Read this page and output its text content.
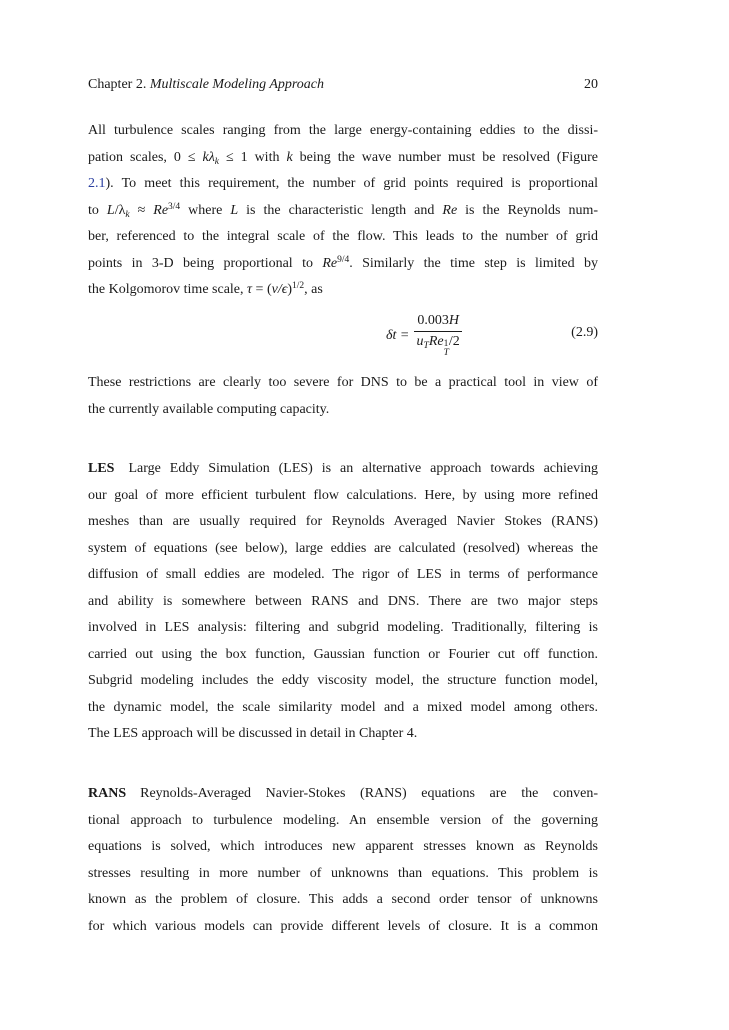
Chapter 2. Multiscale Modeling Approach	20
All turbulence scales ranging from the large energy-containing eddies to the dissi-
pation scales, $0 \le k\lambda_k \le 1$ with k being the wave number must be resolved (Figure
2.1). To meet this requirement, the number of grid points required is proportional
to $L/\lambda_k \approx Re^{3/4}$ where L is the characteristic length and Re is the Reynolds num-
ber, referenced to the integral scale of the flow. This leads to the number of grid
points in 3-D being proportional to $Re^{9/4}$. Similarly the time step is limited by
the Kolgomorov time scale, $\tau = (\nu/\epsilon)^{1/2}$, as
δt = 0.003H
$u_TRe$ 1
T
/2	(2.9)
These restrictions are clearly too severe for DNS to be a practical tool in view of
the currently available computing capacity.
LES Large Eddy Simulation (LES) is an alternative approach towards achieving
our goal of more efficient turbulent flow calculations. Here, by using more refined
meshes than are usually required for Reynolds Averaged Navier Stokes (RANS)
system of equations (see below), large eddies are calculated (resolved) whereas the
diffusion of small eddies are modeled. The rigor of LES in terms of performance
and ability is somewhere between RANS and DNS. There are two major steps
involved in LES analysis: filtering and subgrid modeling. Traditionally, filtering is
carried out using the box function, Gaussian function or Fourier cut off function.
Subgrid modeling includes the eddy viscosity model, the structure function model,
the dynamic model, the scale similarity model and a mixed model among others.
The LES approach will be discussed in detail in Chapter 4.
RANS Reynolds-Averaged Navier-Stokes (RANS) equations are the conven-
tional approach to turbulence modeling. An ensemble version of the governing
equations is solved, which introduces new apparent stresses known as Reynolds
stresses resulting in more number of unknowns than equations. This problem is
known as the problem of closure. This adds a second order tensor of unknowns
for which various models can provide different levels of closure. It is a common
